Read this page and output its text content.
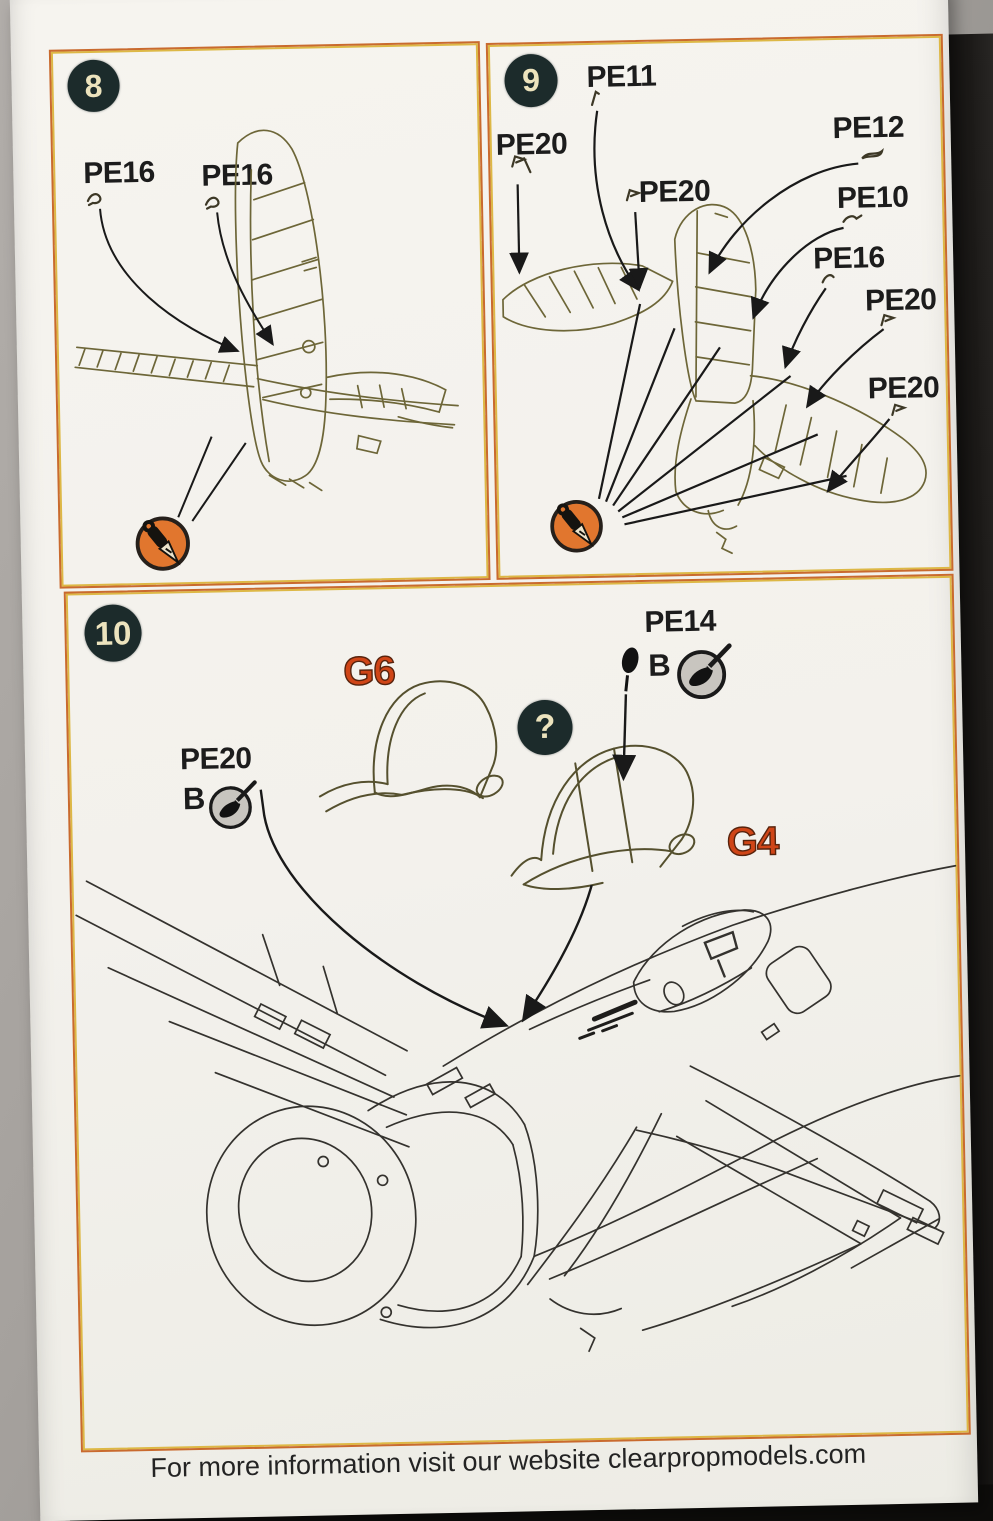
8
PE16 PE16
9 PE11
PE20
PE20
PE12
PE10
PE16
PE20
PE20
10
G6
G4
?
PE14
B
PE20
B
For more information visit our website clearpropmodels.com
